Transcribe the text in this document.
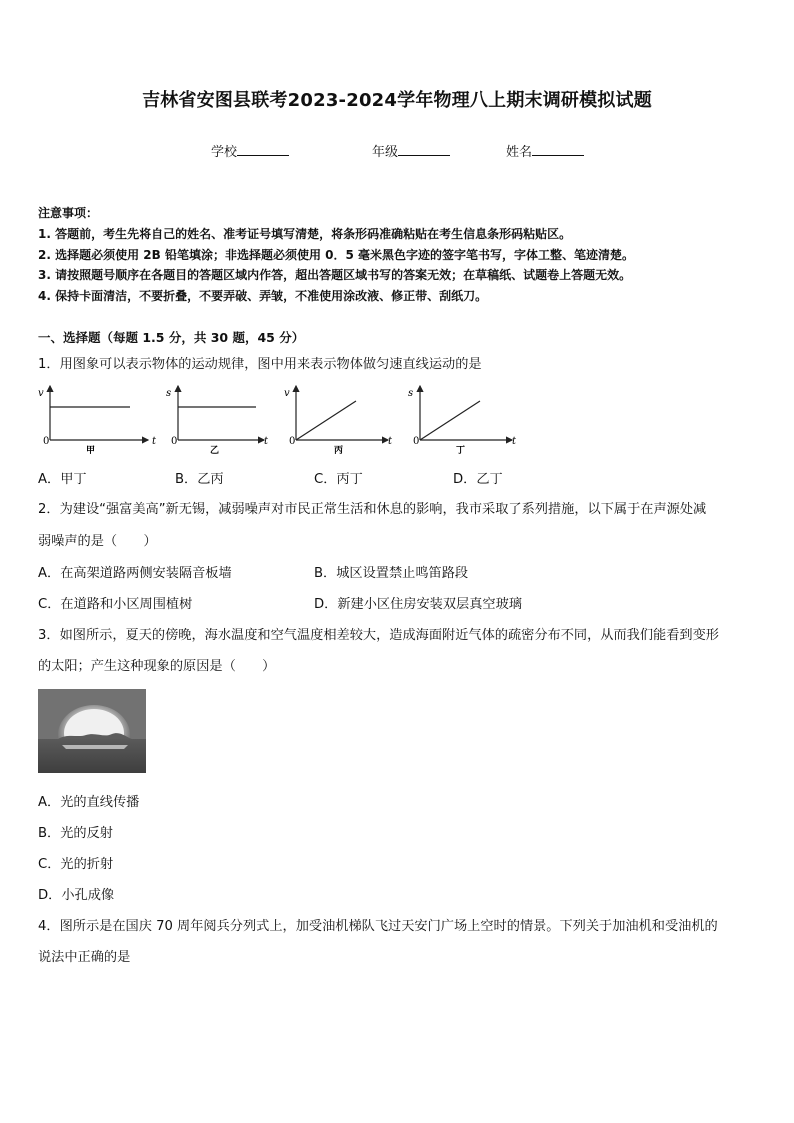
吉林省安图县联考2023-2024学年物理八上期末调研模拟试题
学校	年级	姓名
注意事项：
1. 答题前，考生先将自己的姓名、准考证号填写清楚，将条形码准确粘贴在考生信息条形码粘贴区。
2. 选择题必须使用 2B 铅笔填涂；非选择题必须使用 0．5 毫米黑色字迹的签字笔书写，字体工整、笔迹清楚。
3. 请按照题号顺序在各题目的答题区域内作答，超出答题区域书写的答案无效；在草稿纸、试题卷上答题无效。
4. 保持卡面清洁，不要折叠，不要弄破、弄皱，不准使用涂改液、修正带、刮纸刀。
一、选择题（每题 1.5 分，共 30 题，45 分）
1．用图象可以表示物体的运动规律，图中用来表示物体做匀速直线运动的是
v
0	t
甲
s
0	t
乙
v
0	t
丙
s
0	t
丁
A．甲丁	B．乙丙	C．丙丁	D．乙丁
2．为建设“强富美高”新无锡，减弱噪声对市民正常生活和休息的影响，我市采取了系列措施，以下属于在声源处减
弱噪声的是（　　）
A．在高架道路两侧安装隔音板墙	B．城区设置禁止鸣笛路段
C．在道路和小区周围植树	D．新建小区住房安装双层真空玻璃
3．如图所示，夏天的傍晚，海水温度和空气温度相差较大，造成海面附近气体的疏密分布不同，从而我们能看到变形
的太阳；产生这种现象的原因是（　　）
A．光的直线传播
B．光的反射
C．光的折射
D．小孔成像
4．图所示是在国庆 70 周年阅兵分列式上，加受油机梯队飞过天安门广场上空时的情景。下列关于加油机和受油机的
说法中正确的是
